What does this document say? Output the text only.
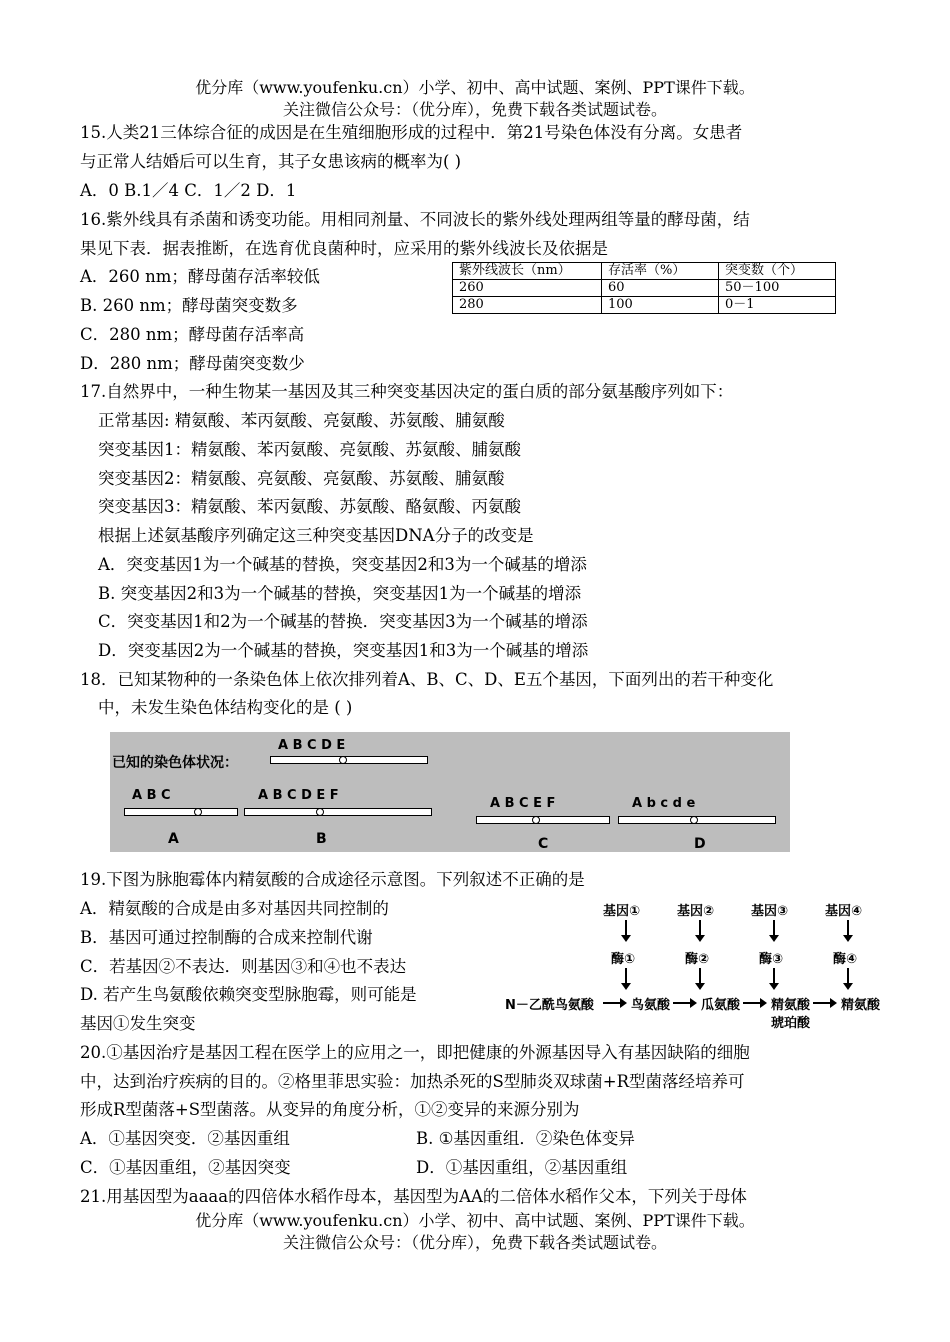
优分库（www.youfenku.cn）小学、初中、高中试题、案例、PPT课件下载。
关注微信公众号：（优分库），免费下载各类试题试卷。
15.人类21三体综合征的成因是在生殖细胞形成的过程中．第21号染色体没有分离。女患者
与正常人结婚后可以生育，其子女患该病的概率为( )
A．0 B.1／4 C．1／2 D．1
16.紫外线具有杀菌和诱变功能。用相同剂量、不同波长的紫外线处理两组等量的酵母菌，结
果见下表．据表推断，在选育优良菌种时，应采用的紫外线波长及依据是
A．260 nm；酵母菌存活率较低
B. 260 nm；酵母菌突变数多
C．280 nm；酵母菌存活率高
D．280 nm；酵母菌突变数少
紫外线波长（nm）	存活率（%）	突变数（个）
260	60	50－100
280	100	0－1
17.自然界中，一种生物某一基因及其三种突变基因决定的蛋白质的部分氨基酸序列如下：
正常基因: 精氨酸、苯丙氨酸、亮氨酸、苏氨酸、脯氨酸
突变基因1：精氨酸、苯丙氨酸、亮氨酸、苏氨酸、脯氨酸
突变基因2：精氨酸、亮氨酸、亮氨酸、苏氨酸、脯氨酸
突变基因3：精氨酸、苯丙氨酸、苏氨酸、酪氨酸、丙氨酸
根据上述氨基酸序列确定这三种突变基因DNA分子的改变是
A．突变基因1为一个碱基的替换，突变基因2和3为一个碱基的增添
B. 突变基因2和3为一个碱基的替换，突变基因1为一个碱基的增添
C．突变基因1和2为一个碱基的替换．突变基因3为一个碱基的增添
D．突变基因2为一个碱基的替换，突变基因1和3为一个碱基的增添
18．已知某物种的一条染色体上依次排列着A、B、C、D、E五个基因，下面列出的若干种变化
中，未发生染色体结构变化的是 ( )
已知的染色体状况：
A B C D E
A B C
A
A B C D E F
B
A B C E F
C
A b c d e
D
19.下图为脉胞霉体内精氨酸的合成途径示意图。下列叙述不正确的是
A．精氨酸的合成是由多对基因共同控制的
B．基因可通过控制酶的合成来控制代谢
C．若基因②不表达．则基因③和④也不表达
D. 若产生鸟氨酸依赖突变型脉胞霉，则可能是
基因①发生突变
基因①	基因②	基因③	基因④
酶①	酶②	酶③	酶④
N－乙酰鸟氨酸	鸟氨酸 瓜氨酸 精氨酸
琥珀酸
精氨酸
20.①基因治疗是基因工程在医学上的应用之一，即把健康的外源基因导入有基因缺陷的细胞
中，达到治疗疾病的目的。②格里菲思实验：加热杀死的S型肺炎双球菌+R型菌落经培养可
形成R型菌落+S型菌落。从变异的角度分析，①②变异的来源分别为
A．①基因突变．②基因重组	B. ①基因重组．②染色体变异
C．①基因重组，②基因突变	D．①基因重组，②基因重组
21.用基因型为aaaa的四倍体水稻作母本，基因型为AA的二倍体水稻作父本，下列关于母体
优分库（www.youfenku.cn）小学、初中、高中试题、案例、PPT课件下载。
关注微信公众号：（优分库），免费下载各类试题试卷。
